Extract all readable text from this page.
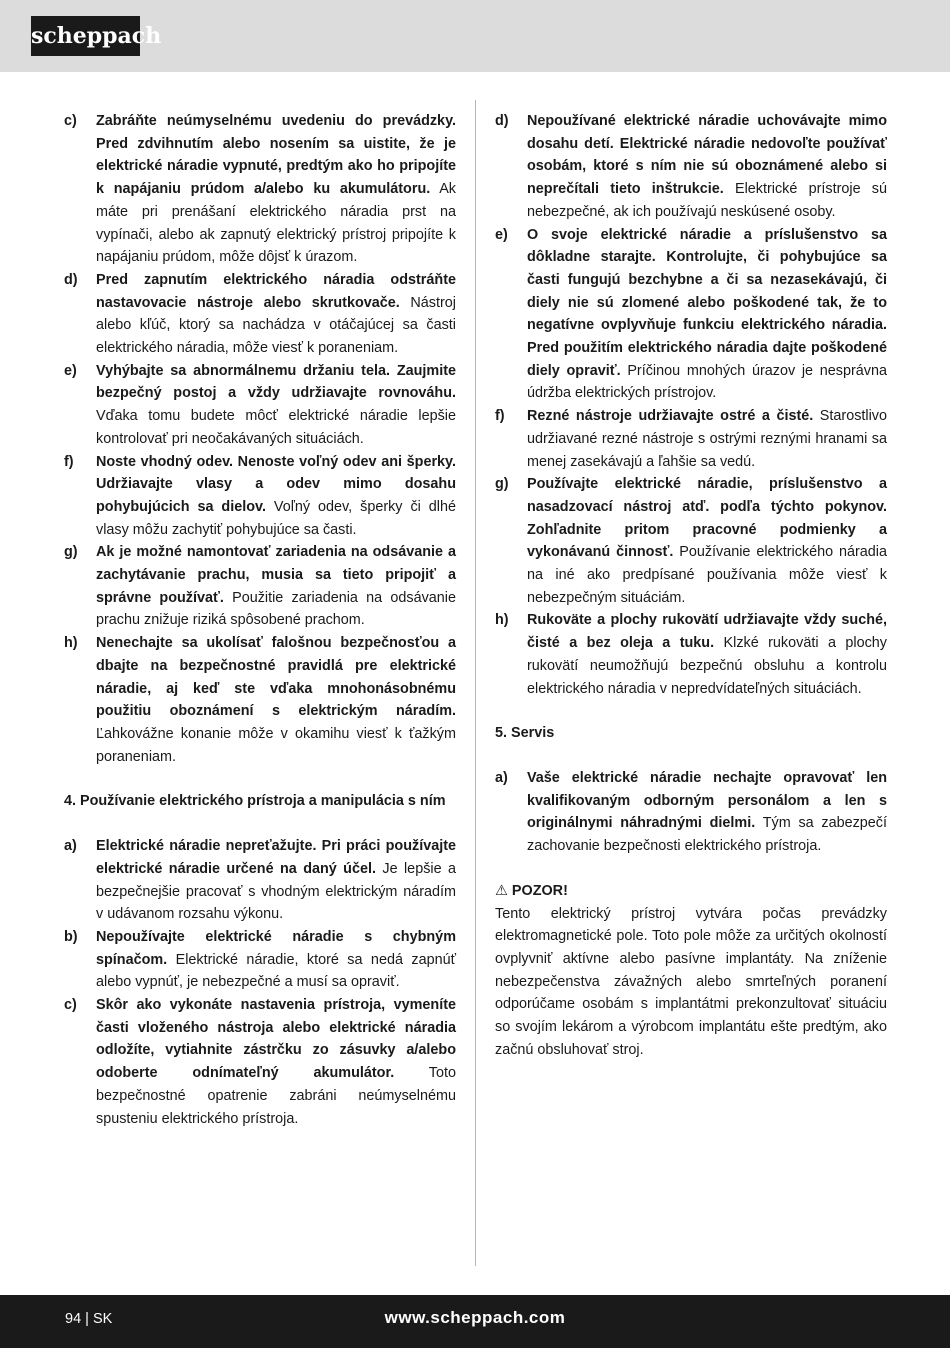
scheppach
c) Zabráňte neúmyselnému uvedeniu do prevádzky. Pred zdvihnutím alebo nosením sa uistite, že je elektrické náradie vypnuté, predtým ako ho pripojíte k napájaniu prúdom a/alebo ku akumulátoru. Ak máte pri prenášaní elektrického náradia prst na vypínači, alebo ak zapnutý elektrický prístroj pripojíte k napájaniu prúdom, môže dôjsť k úrazom.
d) Pred zapnutím elektrického náradia odstráňte nastavovacie nástroje alebo skrutkovače. Nástroj alebo kľúč, ktorý sa nachádza v otáčajúcej sa časti elektrického náradia, môže viesť k poraneniam.
e) Vyhýbajte sa abnormálnemu držaniu tela. Zaujmite bezpečný postoj a vždy udržiavajte rovnováhu. Vďaka tomu budete môcť elektrické náradie lepšie kontrolovať pri neočakávaných situáciách.
f) Noste vhodný odev. Nenoste voľný odev ani šperky. Udržiavajte vlasy a odev mimo dosahu pohybujúcich sa dielov. Voľný odev, šperky či dlhé vlasy môžu zachytiť pohybujúce sa časti.
g) Ak je možné namontovať zariadenia na odsávanie a zachytávanie prachu, musia sa tieto pripojiť a správne používať. Použitie zariadenia na odsávanie prachu znižuje riziká spôsobené prachom.
h) Nenechajte sa ukolísať falošnou bezpečnosťou a dbajte na bezpečnostné pravidlá pre elektrické náradie, aj keď ste vďaka mnohonásobnému použitiu oboznámení s elektrickým náradím. Ľahkovážne konanie môže v okamihu viesť k ťažkým poraneniam.
4. Používanie elektrického prístroja a manipulácia s ním
a) Elektrické náradie nepreťažujte. Pri práci používajte elektrické náradie určené na daný účel. Je lepšie a bezpečnejšie pracovať s vhodným elektrickým náradím v udávanom rozsahu výkonu.
b) Nepoužívajte elektrické náradie s chybným spínačom. Elektrické náradie, ktoré sa nedá zapnúť alebo vypnúť, je nebezpečné a musí sa opraviť.
c) Skôr ako vykonáte nastavenia prístroja, vymeníte časti vloženého nástroja alebo elektrické náradia odložíte, vytiahnite zástrčku zo zásuvky a/alebo odoberte odnímateľný akumulátor. Toto bezpečnostné opatrenie zabráni neúmyselnému spusteniu elektrického prístroja.
d) Nepoužívané elektrické náradie uchovávajte mimo dosahu detí. Elektrické náradie nedovoľte používať osobám, ktoré s ním nie sú oboznámené alebo si neprečítali tieto inštrukcie. Elektrické prístroje sú nebezpečné, ak ich používajú neskúsené osoby.
e) O svoje elektrické náradie a príslušenstvo sa dôkladne starajte. Kontrolujte, či pohybujúce sa časti fungujú bezchybne a či sa nezasekávajú, či diely nie sú zlomené alebo poškodené tak, že to negatívne ovplyvňuje funkciu elektrického náradia. Pred použitím elektrického náradia dajte poškodené diely opraviť. Príčinou mnohých úrazov je nesprávna údržba elektrických prístrojov.
f) Rezné nástroje udržiavajte ostré a čisté. Starostlivo udržiavané rezné nástroje s ostrými reznými hranami sa menej zasekávajú a ľahšie sa vedú.
g) Používajte elektrické náradie, príslušenstvo a nasadzovací nástroj atď. podľa týchto pokynov. Zohľadnite pritom pracovné podmienky a vykonávanú činnosť. Používanie elektrického náradia na iné ako predpísané používania môže viesť k nebezpečným situáciám.
h) Rukoväte a plochy rukovätí udržiavajte vždy suché, čisté a bez oleja a tuku. Klzké rukoväti a plochy rukovätí neumožňujú bezpečnú obsluhu a kontrolu elektrického náradia v nepredvídateľných situáciách.
5. Servis
a) Vaše elektrické náradie nechajte opravovať len kvalifikovaným odborným personálom a len s originálnymi náhradnými dielmi. Tým sa zabezpečí zachovanie bezpečnosti elektrického prístroja.
⚠ POZOR!
Tento elektrický prístroj vytvára počas prevádzky elektromagnetické pole. Toto pole môže za určitých okolností ovplyvniť aktívne alebo pasívne implantáty. Na zníženie nebezpečenstva závažných alebo smrteľných poranení odporúčame osobám s implantátmi prekonzultovať situáciu so svojím lekárom a výrobcom implantátu ešte predtým, ako začnú obsluhovať stroj.
94 | SK	www.scheppach.com
